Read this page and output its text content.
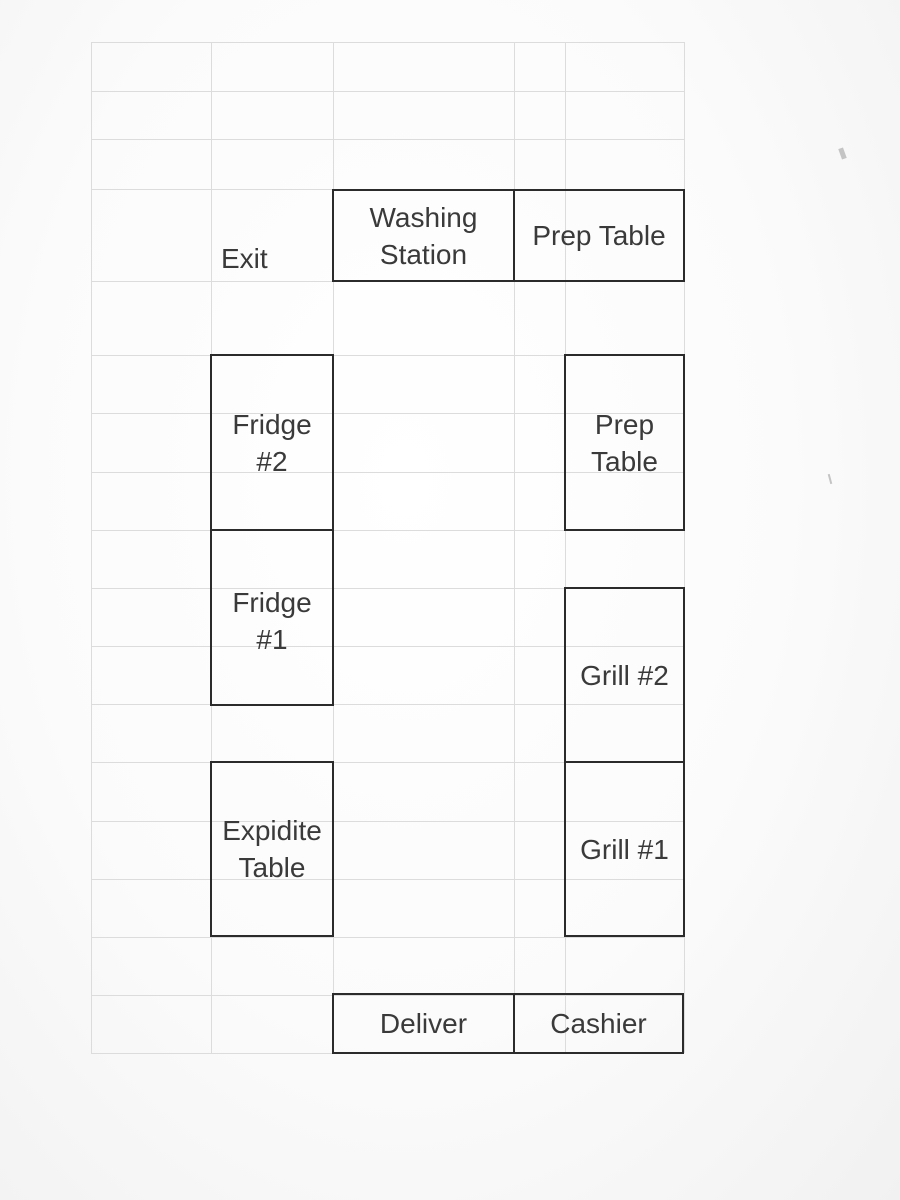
Exit
Washing
Station
Prep Table
Fridge
#2
Fridge
#1
Prep
Table
Grill #2
Grill #1
Expidite
Table
Deliver	Cashier
